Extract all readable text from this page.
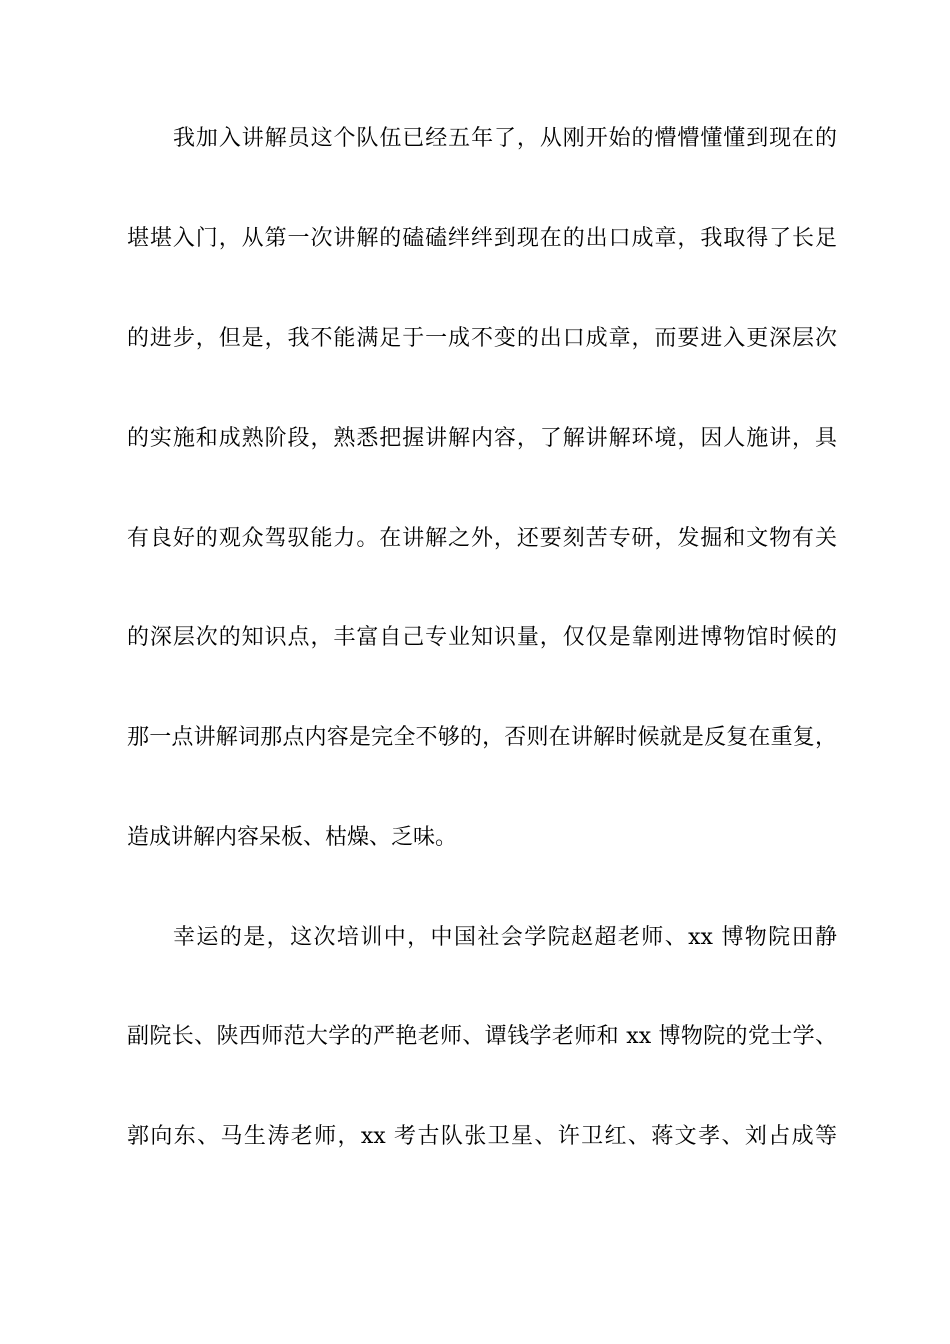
我加入讲解员这个队伍已经五年了，从刚开始的懵懵懂懂到现在的
堪堪入门，从第一次讲解的磕磕绊绊到现在的出口成章，我取得了长足
的进步，但是，我不能满足于一成不变的出口成章，而要进入更深层次
的实施和成熟阶段，熟悉把握讲解内容，了解讲解环境，因人施讲，具
有良好的观众驾驭能力。在讲解之外，还要刻苦专研，发掘和文物有关
的深层次的知识点，丰富自己专业知识量，仅仅是靠刚进博物馆时候的
那一点讲解词那点内容是完全不够的，否则在讲解时候就是反复在重复，
造成讲解内容呆板、枯燥、乏味。
幸运的是，这次培训中，中国社会学院赵超老师、xx 博物院田静
副院长、陕西师范大学的严艳老师、谭钱学老师和 xx 博物院的党士学、
郭向东、马生涛老师，xx 考古队张卫星、许卫红、蒋文孝、刘占成等
